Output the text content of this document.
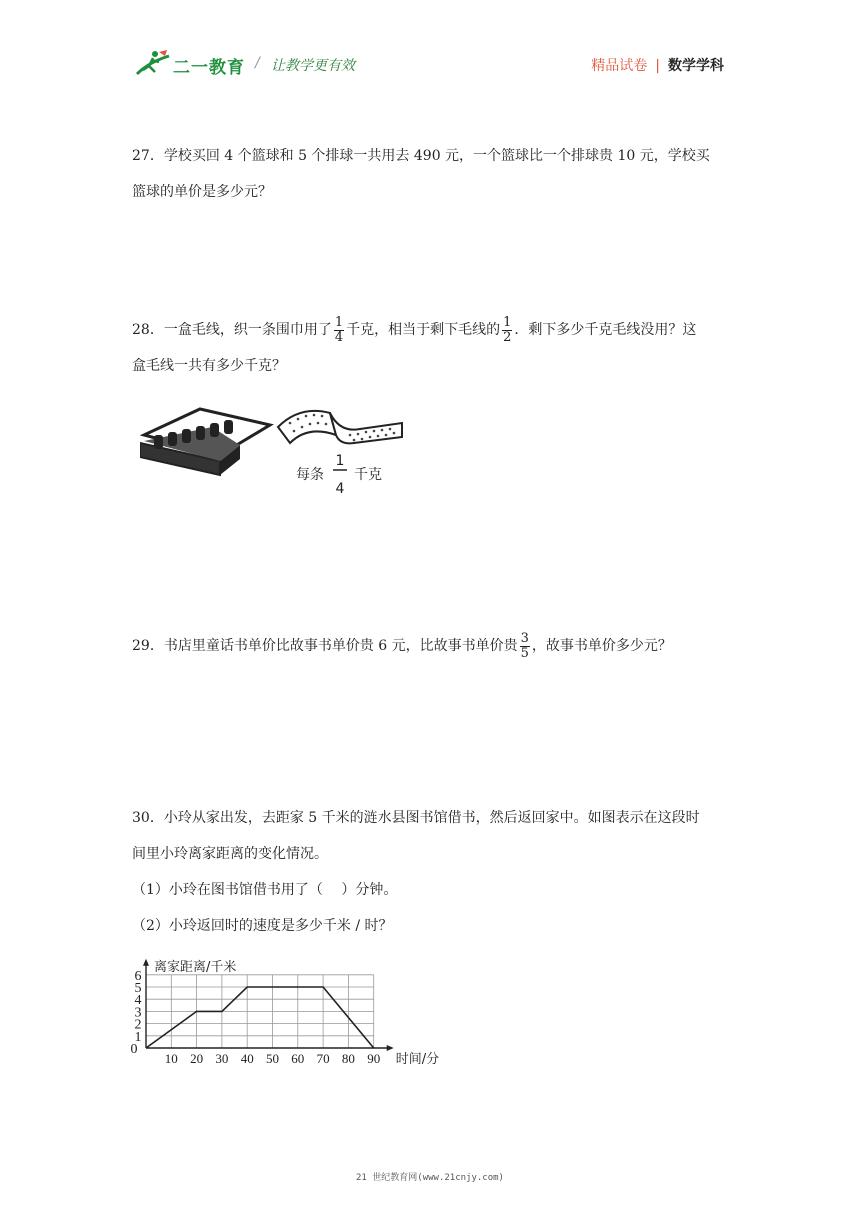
二一教育 / 让教学更有效	精品试卷 | 数学学科
27．学校买回 4 个篮球和 5 个排球一共用去 490 元，一个篮球比一个排球贵 10 元，学校买
篮球的单价是多少元？
28．一盒毛线，织一条围巾用了 $\frac{1}{4}$ 千克，相当于剩下毛线的 $\frac{1}{2}$ ．剩下多少千克毛线没用？这
盒毛线一共有多少千克？
每条
1
4
千克
29．书店里童话书单价比故事书单价贵 6 元，比故事书单价贵 $\frac{3}{5}$ ，故事书单价多少元？
30．小玲从家出发，去距家 5 千米的涟水县图书馆借书，然后返回家中。如图表示在这段时
间里小玲离家距离的变化情况。
（1）小玲在图书馆借书用了（　 ）分钟。
（2）小玲返回时的速度是多少千米 / 时？
10 20 30 40 50 60 70 80 90
1
2
3
4
5
6
0
离家距离/千米
时间/分
21 世纪教育网(www.21cnjy.com)
